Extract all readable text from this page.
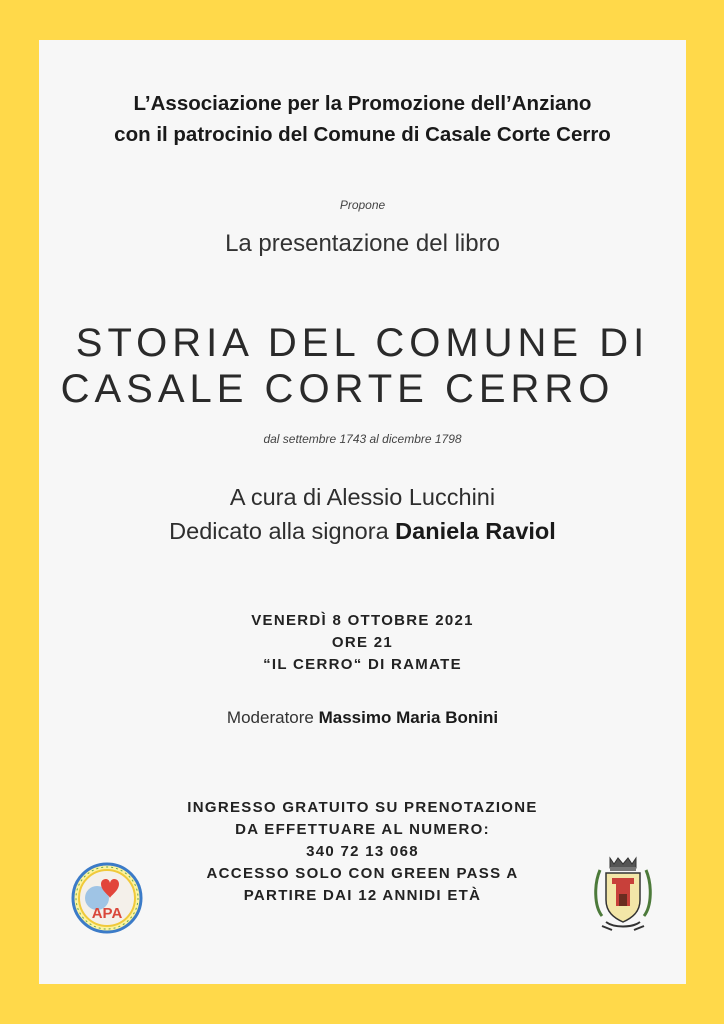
L’Associazione per la Promozione dell’Anziano
con il patrocinio del Comune di Casale Corte Cerro
Propone
La presentazione del libro
STORIA DEL COMUNE DI
CASALE CORTE CERRO
dal settembre 1743 al dicembre 1798
A cura di Alessio Lucchini
Dedicato alla signora Daniela Raviol
VENERDÌ 8 OTTOBRE 2021
ORE 21
“IL CERRO“ DI RAMATE
Moderatore Massimo Maria Bonini
INGRESSO GRATUITO SU PRENOTAZIONE
DA EFFETTUARE AL NUMERO:
340 72 13 068
ACCESSO SOLO CON GREEN PASS A
PARTIRE DAI 12 ANNIDI ETÀ
APA
